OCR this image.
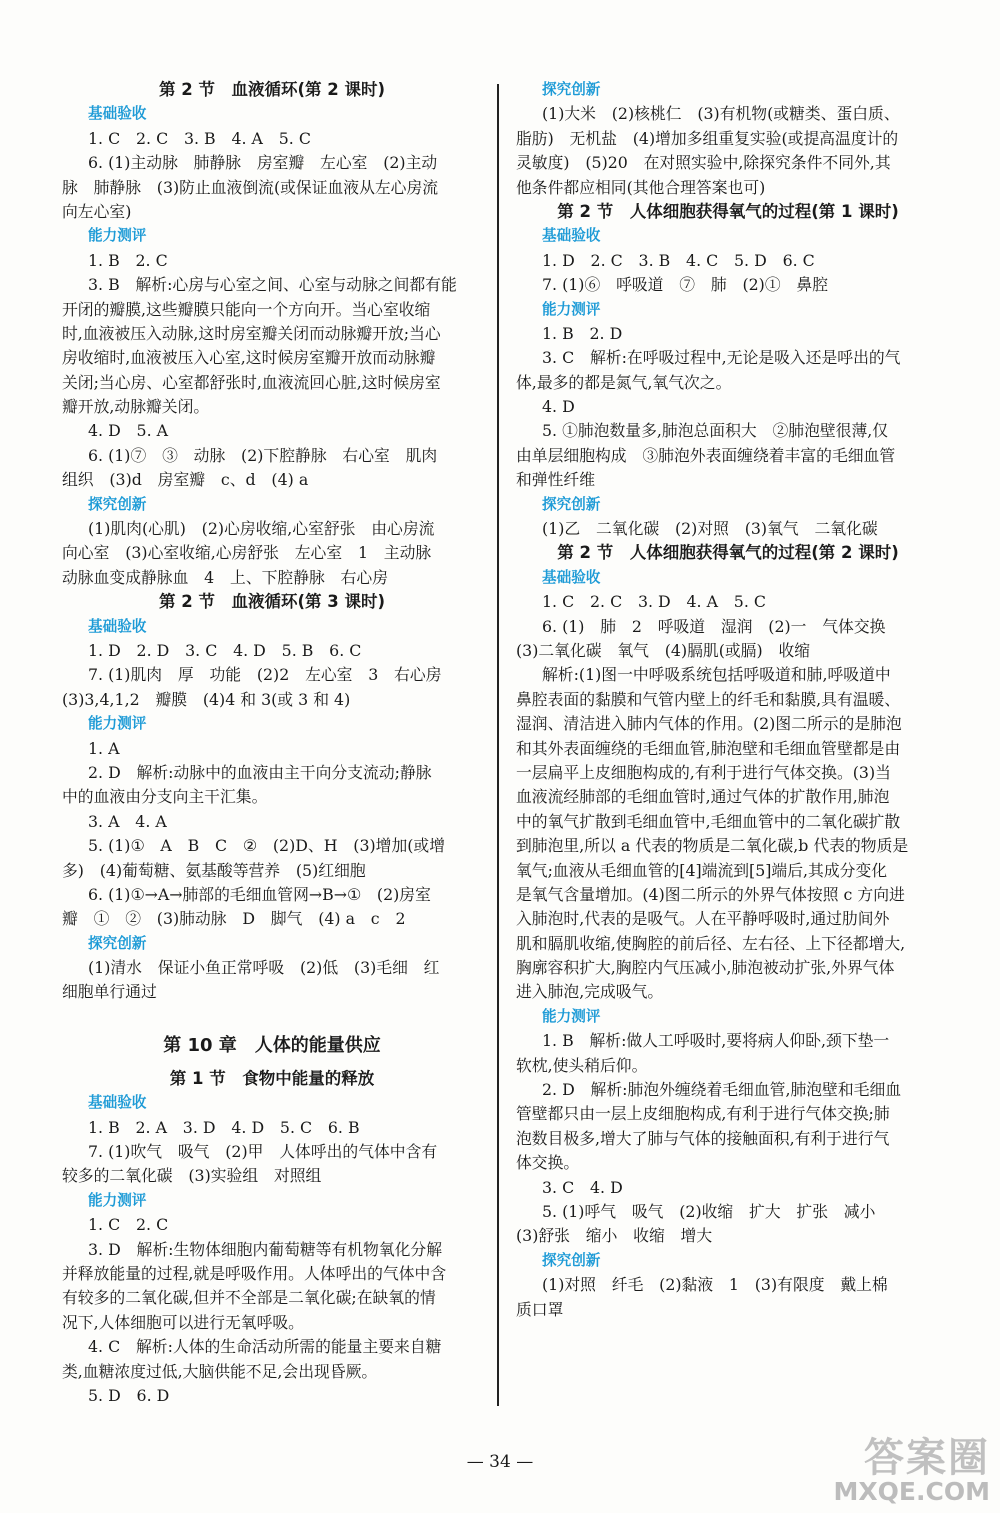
第 2 节　血液循环(第 2 课时)
基础验收
1. C　2. C　3. B　4. A　5. C
6. (1)主动脉　肺静脉　房室瓣　左心室　(2)主动
脉　肺静脉　(3)防止血液倒流(或保证血液从左心房流
向左心室)
能力测评
1. B　2. C
3. B　解析:心房与心室之间、心室与动脉之间都有能
开闭的瓣膜,这些瓣膜只能向一个方向开。当心室收缩
时,血液被压入动脉,这时房室瓣关闭而动脉瓣开放;当心
房收缩时,血液被压入心室,这时候房室瓣开放而动脉瓣
关闭;当心房、心室都舒张时,血液流回心脏,这时候房室
瓣开放,动脉瓣关闭。
4. D　5. A
6. (1)⑦　③　动脉　(2)下腔静脉　右心室　肌肉
组织　(3)d　房室瓣　c、d　(4) a
探究创新
(1)肌肉(心肌)　(2)心房收缩,心室舒张　由心房流
向心室　(3)心室收缩,心房舒张　左心室　1　主动脉
动脉血变成静脉血　4　上、下腔静脉　右心房
第 2 节　血液循环(第 3 课时)
基础验收
1. D　2. D　3. C　4. D　5. B　6. C
7. (1)肌肉　厚　功能　(2)2　左心室　3　右心房
(3)3,4,1,2　瓣膜　(4)4 和 3(或 3 和 4)
能力测评
1. A
2. D　解析:动脉中的血液由主干向分支流动;静脉
中的血液由分支向主干汇集。
3. A　4. A
5. (1)①　A　B　C　②　(2)D、H　(3)增加(或增
多)　(4)葡萄糖、氨基酸等营养　(5)红细胞
6. (1)①→A→肺部的毛细血管网→B→①　(2)房室
瓣　①　②　(3)肺动脉　D　脚气　(4) a　c　2
探究创新
(1)清水　保证小鱼正常呼吸　(2)低　(3)毛细　红
细胞单行通过
第 10 章　人体的能量供应
第 1 节　食物中能量的释放
基础验收
1. B　2. A　3. D　4. D　5. C　6. B
7. (1)吹气　吸气　(2)甲　人体呼出的气体中含有
较多的二氧化碳　(3)实验组　对照组
能力测评
1. C　2. C
3. D　解析:生物体细胞内葡萄糖等有机物氧化分解
并释放能量的过程,就是呼吸作用。人体呼出的气体中含
有较多的二氧化碳,但并不全部是二氧化碳;在缺氧的情
况下,人体细胞可以进行无氧呼吸。
4. C　解析:人体的生命活动所需的能量主要来自糖
类,血糖浓度过低,大脑供能不足,会出现昏厥。
5. D　6. D
探究创新
(1)大米　(2)核桃仁　(3)有机物(或糖类、蛋白质、
脂肪)　无机盐　(4)增加多组重复实验(或提高温度计的
灵敏度)　(5)20　在对照实验中,除探究条件不同外,其
他条件都应相同(其他合理答案也可)
第 2 节　人体细胞获得氧气的过程(第 1 课时)
基础验收
1. D　2. C　3. B　4. C　5. D　6. C
7. (1)⑥　呼吸道　⑦　肺　(2)①　鼻腔
能力测评
1. B　2. D
3. C　解析:在呼吸过程中,无论是吸入还是呼出的气
体,最多的都是氮气,氧气次之。
4. D
5. ①肺泡数量多,肺泡总面积大　②肺泡壁很薄,仅
由单层细胞构成　③肺泡外表面缠绕着丰富的毛细血管
和弹性纤维
探究创新
(1)乙　二氧化碳　(2)对照　(3)氧气　二氧化碳
第 2 节　人体细胞获得氧气的过程(第 2 课时)
基础验收
1. C　2. C　3. D　4. A　5. C
6. (1)　肺　2　呼吸道　湿润　(2)一　气体交换
(3)二氧化碳　氧气　(4)膈肌(或膈)　收缩
解析:(1)图一中呼吸系统包括呼吸道和肺,呼吸道中
鼻腔表面的黏膜和气管内壁上的纤毛和黏膜,具有温暖、
湿润、清洁进入肺内气体的作用。(2)图二所示的是肺泡
和其外表面缠绕的毛细血管,肺泡壁和毛细血管壁都是由
一层扁平上皮细胞构成的,有利于进行气体交换。(3)当
血液流经肺部的毛细血管时,通过气体的扩散作用,肺泡
中的氧气扩散到毛细血管中,毛细血管中的二氧化碳扩散
到肺泡里,所以 a 代表的物质是二氧化碳,b 代表的物质是
氧气;血液从毛细血管的[4]端流到[5]端后,其成分变化
是氧气含量增加。(4)图二所示的外界气体按照 c 方向进
入肺泡时,代表的是吸气。人在平静呼吸时,通过肋间外
肌和膈肌收缩,使胸腔的前后径、左右径、上下径都增大,
胸廓容积扩大,胸腔内气压减小,肺泡被动扩张,外界气体
进入肺泡,完成吸气。
能力测评
1. B　解析:做人工呼吸时,要将病人仰卧,颈下垫一
软枕,使头稍后仰。
2. D　解析:肺泡外缠绕着毛细血管,肺泡壁和毛细血
管壁都只由一层上皮细胞构成,有利于进行气体交换;肺
泡数目极多,增大了肺与气体的接触面积,有利于进行气
体交换。
3. C　4. D
5. (1)呼气　吸气　(2)收缩　扩大　扩张　减小
(3)舒张　缩小　收缩　增大
探究创新
(1)对照　纤毛　(2)黏液　1　(3)有限度　戴上棉
质口罩
— 34 —	答案圈
MXQE.COM
